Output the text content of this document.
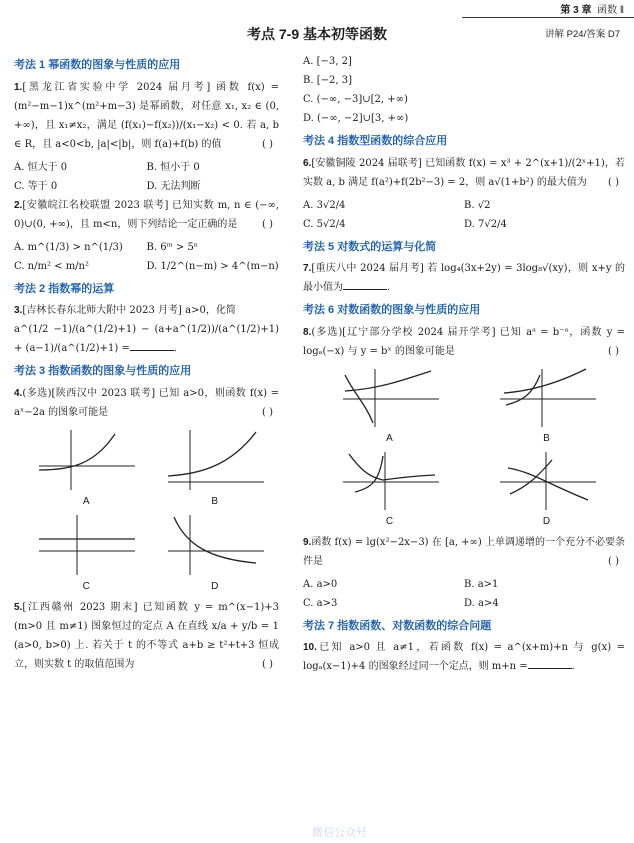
第 3 章 函数 ‖
考点 7-9 基本初等函数	讲解 P24/答案 D7
考法 1 幂函数的图象与性质的应用
1.[黑龙江省实验中学 2024 届月考] 函数 f(x) = (m²−m−1)x^(m²+m−3) 是幂函数，对任意 x₁, x₂ ∈ (0, +∞)，且 x₁≠x₂，满足 (f(x₁)−f(x₂))/(x₁−x₂) < 0. 若 a, b ∈ R，且 a<0<b, |a|<|b|，则 f(a)+f(b) 的值	( )
A. 恒大于 0	B. 恒小于 0
C. 等于 0	D. 无法判断
2.[安徽皖江名校联盟 2023 联考] 已知实数 m, n ∈ (−∞, 0)∪(0, +∞)，且 m<n，则下列结论一定正确的是 ( )
A. m^(1/3) > n^(1/3)	B. 6ᵐ > 5ⁿ
C. n/m² < m/n²	D. 1/2^(n−m) > 4^(m−n)
考法 2 指数幂的运算
3.[吉林长春东北师大附中 2023 月考] a>0，化简
a^(1/2 −1)/(a^(1/2)+1) − (a+a^(1/2))/(a^(1/2)+1) + (a−1)/(a^(1/2)+1) =	.
考法 3 指数函数的图象与性质的应用
4.(多选)[陕西汉中 2023 联考] 已知 a>0，则函数 f(x) = aˣ−2a 的图象可能是	( )
A	B
C	D
5.[江西赣州 2023 期末] 已知函数 y = m^(x−1)+3 (m>0 且 m≠1) 图象恒过的定点 A 在直线 x/a + y/b = 1 (a>0, b>0) 上. 若关于 t 的不等式 a+b ≥ t²+t+3 恒成立，则实数 t 的取值范围为	( )
A. [−3, 2]
B. [−2, 3]
C. (−∞, −3]∪[2, +∞)
D. (−∞, −2]∪[3, +∞)
考法 4 指数型函数的综合应用
6.[安徽铜陵 2024 届联考] 已知函数 f(x) = x³ + 2^(x+1)/(2ˣ+1)，若实数 a, b 满足 f(a²)+f(2b²−3) = 2，则 a√(1+b²) 的最大值为 ( )
A. 3√2/4	B. √2
C. 5√2/4	D. 7√2/4
考法 5 对数式的运算与化简
7.[重庆八中 2024 届月考] 若 log₄(3x+2y) = 3log₈√(xy)，则 x+y 的最小值为	.
考法 6 对数函数的图象与性质的应用
8.(多选)[辽宁部分学校 2024 届开学考] 已知 aᵃ = b⁻ᵃ，函数 y = logₐ(−x) 与 y = bˣ 的图象可能是	( )
A	B
C	D
9.函数 f(x) = lg(x²−2x−3) 在 [a, +∞) 上单调递增的一个充分不必要条件是	( )
A. a>0	B. a>1
C. a>3	D. a>4
考法 7 指数函数、对数函数的综合问题
10.已知 a>0 且 a≠1，若函数 f(x) = a^(x+m)+n 与 g(x) = logₐ(x−1)+4 的图象经过同一个定点，则 m+n =	.
微信公众号
